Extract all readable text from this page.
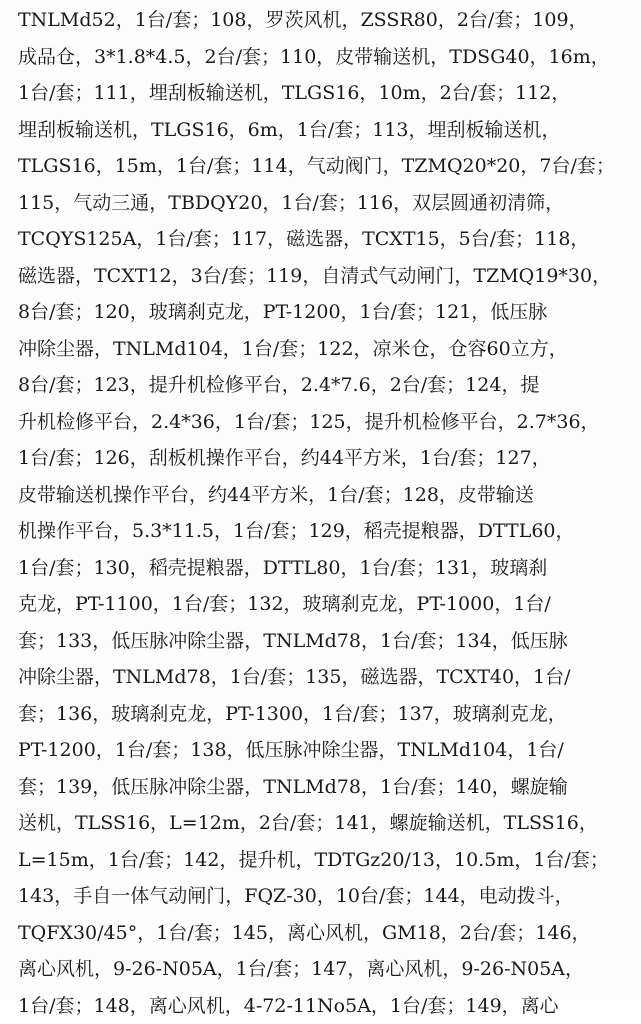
TNLMd52，1台/套；108，罗茨风机，ZSSR80，2台/套；109，
成品仓，3*1.8*4.5，2台/套；110，皮带输送机，TDSG40，16m，
1台/套；111，埋刮板输送机，TLGS16，10m，2台/套；112，
埋刮板输送机，TLGS16，6m，1台/套；113，埋刮板输送机，
TLGS16，15m，1台/套；114，气动阀门，TZMQ20*20，7台/套；
115，气动三通，TBDQY20，1台/套；116，双层圆通初清筛，
TCQYS125A，1台/套；117，磁选器，TCXT15，5台/套；118，
磁选器，TCXT12，3台/套；119，自清式气动闸门，TZMQ19*30，
8台/套；120，玻璃刹克龙，PT-1200，1台/套；121，低压脉
冲除尘器，TNLMd104，1台/套；122，凉米仓，仓容60立方，
8台/套；123，提升机检修平台，2.4*7.6，2台/套；124，提
升机检修平台，2.4*36，1台/套；125，提升机检修平台，2.7*36，
1台/套；126，刮板机操作平台，约44平方米，1台/套；127，
皮带输送机操作平台，约44平方米，1台/套；128，皮带输送
机操作平台，5.3*11.5，1台/套；129，稻壳提粮器，DTTL60，
1台/套；130，稻壳提粮器，DTTL80，1台/套；131，玻璃刹
克龙，PT-1100，1台/套；132，玻璃刹克龙，PT-1000，1台/
套；133，低压脉冲除尘器，TNLMd78，1台/套；134，低压脉
冲除尘器，TNLMd78，1台/套；135，磁选器，TCXT40，1台/
套；136，玻璃刹克龙，PT-1300，1台/套；137，玻璃刹克龙，
PT-1200，1台/套；138，低压脉冲除尘器，TNLMd104，1台/
套；139，低压脉冲除尘器，TNLMd78，1台/套；140，螺旋输
送机，TLSS16，L=12m，2台/套；141，螺旋输送机，TLSS16，
L=15m，1台/套；142，提升机，TDTGz20/13，10.5m，1台/套；
143，手自一体气动闸门，FQZ-30，10台/套；144，电动拨斗，
TQFX30/45°，1台/套；145，离心风机，GM18，2台/套；146，
离心风机，9-26-N05A，1台/套；147，离心风机，9-26-N05A，
1台/套；148，离心风机，4-72-11No5A，1台/套；149，离心
